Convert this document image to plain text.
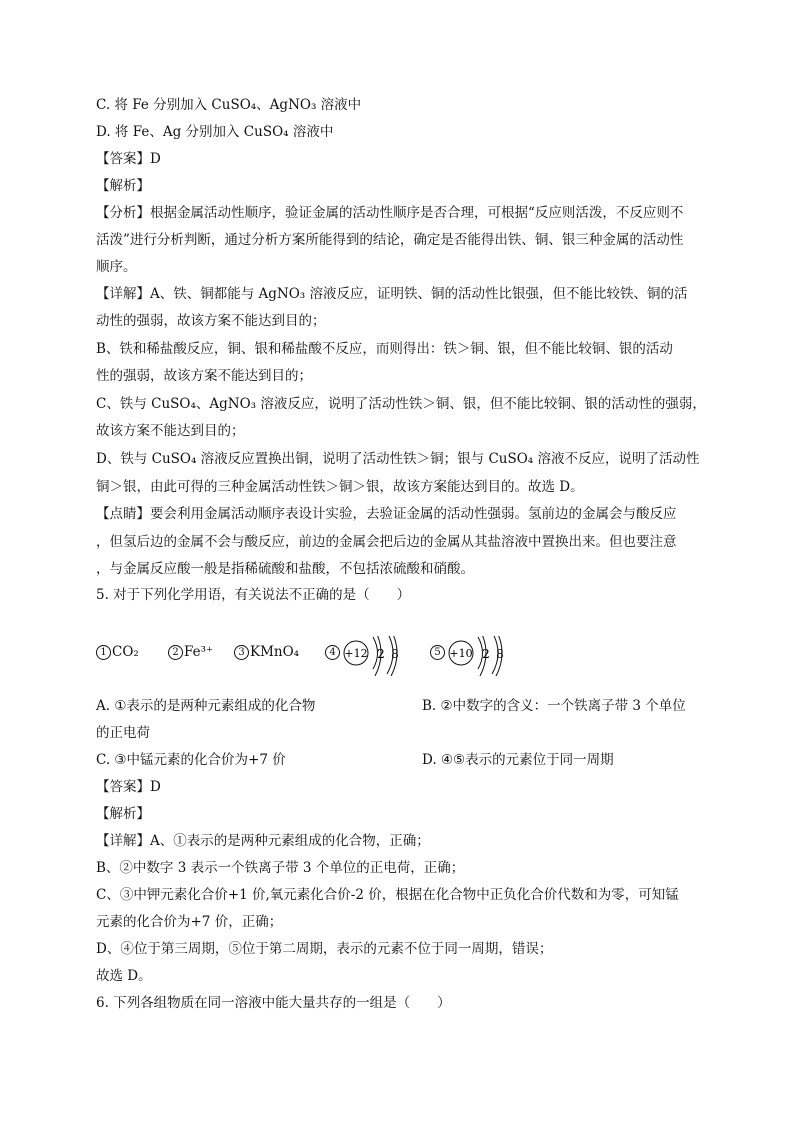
C. 将 Fe 分别加入 CuSO₄、AgNO₃ 溶液中
D. 将 Fe、Ag 分别加入 CuSO₄ 溶液中
【答案】D
【解析】
【分析】根据金属活动性顺序，验证金属的活动性顺序是否合理，可根据“反应则活泼，不反应则不
活泼”进行分析判断，通过分析方案所能得到的结论，确定是否能得出铁、铜、银三种金属的活动性
顺序。
【详解】A、铁、铜都能与 AgNO₃ 溶液反应，证明铁、铜的活动性比银强，但不能比较铁、铜的活
动性的强弱，故该方案不能达到目的；
B、铁和稀盐酸反应，铜、银和稀盐酸不反应，而则得出：铁＞铜、银，但不能比较铜、银的活动
性的强弱，故该方案不能达到目的；
C、铁与 CuSO₄、AgNO₃ 溶液反应，说明了活动性铁＞铜、银，但不能比较铜、银的活动性的强弱，
故该方案不能达到目的；
D、铁与 CuSO₄ 溶液反应置换出铜，说明了活动性铁＞铜；银与 CuSO₄ 溶液不反应，说明了活动性
铜＞银，由此可得的三种金属活动性铁＞铜＞银，故该方案能达到目的。故选 D。
【点睛】要会利用金属活动顺序表设计实验，去验证金属的活动性强弱。氢前边的金属会与酸反应
，但氢后边的金属不会与酸反应，前边的金属会把后边的金属从其盐溶液中置换出来。但也要注意
，与金属反应酸一般是指稀硫酸和盐酸，不包括浓硫酸和硝酸。
5. 对于下列化学用语，有关说法不正确的是（　　）
1 CO₂	2 Fe³⁺	3 KMnO₄	4 +12 2 8	5 +10 2 8
A. ①表示的是两种元素组成的化合物	B. ②中数字的含义：一个铁离子带 3 个单位
的正电荷
C. ③中锰元素的化合价为+7 价	D. ④⑤表示的元素位于同一周期
【答案】D
【解析】
【详解】A、①表示的是两种元素组成的化合物，正确；
B、②中数字 3 表示一个铁离子带 3 个单位的正电荷，正确；
C、③中钾元素化合价+1 价,氧元素化合价-2 价，根据在化合物中正负化合价代数和为零，可知锰
元素的化合价为+7 价，正确；
D、④位于第三周期，⑤位于第二周期，表示的元素不位于同一周期，错误；
故选 D。
6. 下列各组物质在同一溶液中能大量共存的一组是（　　）
